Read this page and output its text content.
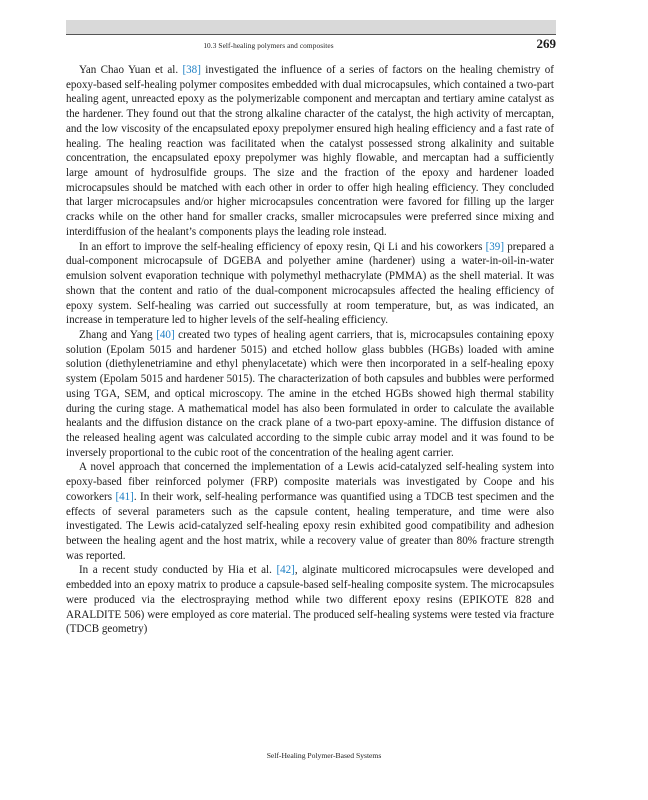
10.3 Self-healing polymers and composites	269

Yan Chao Yuan et al. [38] investigated the influence of a series of factors on the healing chemistry of epoxy-based self-healing polymer composites embedded with dual microcapsules, which contained a two-part healing agent, unreacted epoxy as the polymerizable component and mercaptan and tertiary amine catalyst as the hardener. They found out that the strong alkaline character of the catalyst, the high activity of mercaptan, and the low viscosity of the encapsulated epoxy prepolymer ensured high healing efficiency and a fast rate of healing. The healing reaction was facilitated when the catalyst possessed strong alkalinity and suitable concentration, the encapsulated epoxy prepolymer was highly flowable, and mercaptan had a sufficiently large amount of hydrosulfide groups. The size and the fraction of the epoxy and hardener loaded microcapsules should be matched with each other in order to offer high healing efficiency. They concluded that larger microcapsules and/or higher microcapsules concentration were favored for filling up the larger cracks while on the other hand for smaller cracks, smaller microcapsules were preferred since mixing and interdiffusion of the healant’s components plays the leading role instead.

In an effort to improve the self-healing efficiency of epoxy resin, Qi Li and his coworkers [39] prepared a dual-component microcapsule of DGEBA and polyether amine (hardener) using a water-in-oil-in-water emulsion solvent evaporation technique with polymethyl methacrylate (PMMA) as the shell material. It was shown that the content and ratio of the dual-component microcapsules affected the healing efficiency of epoxy system. Self-healing was carried out successfully at room temperature, but, as was indicated, an increase in temperature led to higher levels of the self-healing efficiency.

Zhang and Yang [40] created two types of healing agent carriers, that is, microcapsules containing epoxy solution (Epolam 5015 and hardener 5015) and etched hollow glass bubbles (HGBs) loaded with amine solution (diethylenetriamine and ethyl phenylacetate) which were then incorporated in a self-healing epoxy system (Epolam 5015 and hardener 5015). The characterization of both capsules and bubbles were performed using TGA, SEM, and optical microscopy. The amine in the etched HGBs showed high thermal stability during the curing stage. A mathematical model has also been formulated in order to calculate the available healants and the diffusion distance on the crack plane of a two-part epoxy-amine. The diffusion distance of the released healing agent was calculated according to the simple cubic array model and it was found to be inversely proportional to the cubic root of the concentration of the healing agent carrier.

A novel approach that concerned the implementation of a Lewis acid-catalyzed self-healing system into epoxy-based fiber reinforced polymer (FRP) composite materials was investigated by Coope and his coworkers [41]. In their work, self-healing performance was quantified using a TDCB test specimen and the effects of several parameters such as the capsule content, healing temperature, and time were also investigated. The Lewis acid-catalyzed self-healing epoxy resin exhibited good compatibility and adhesion between the healing agent and the host matrix, while a recovery value of greater than 80% fracture strength was reported.

In a recent study conducted by Hia et al. [42], alginate multicored microcapsules were developed and embedded into an epoxy matrix to produce a capsule-based self-healing composite system. The microcapsules were produced via the electrospraying method while two different epoxy resins (EPIKOTE 828 and ARALDITE 506) were employed as core material. The produced self-healing systems were tested via fracture (TDCB geometry)

Self-Healing Polymer-Based Systems
